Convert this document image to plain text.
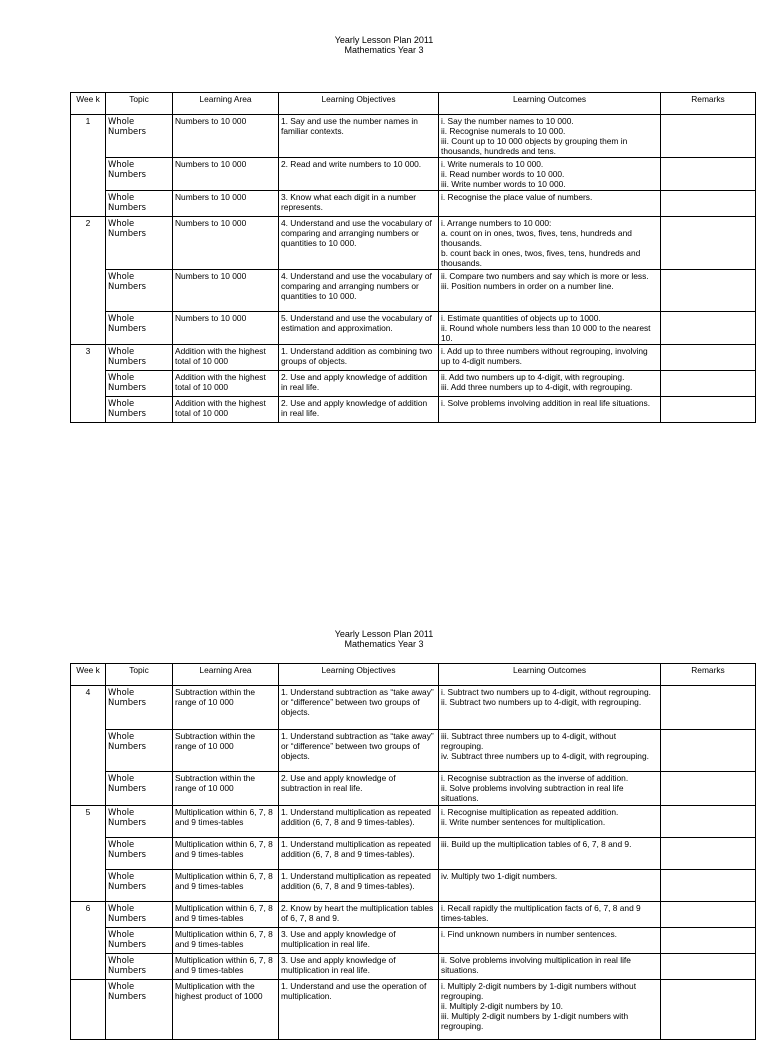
Yearly Lesson Plan 2011
Mathematics Year 3
Wee k	Topic	Learning Area	Learning Objectives	Learning Outcomes	Remarks
1	Whole Numbers	Numbers to 10 000	1. Say and use the number names in familiar contexts.	i. Say the number names to 10 000.
ii. Recognise numerals to 10 000.
iii. Count up to 10 000 objects by grouping them in thousands, hundreds and tens.	

	Whole Numbers	Numbers to 10 000	2. Read and write numbers to 10 000.	i. Write numerals to 10 000.
ii. Read number words to 10 000.
iii. Write number words to 10 000.	

	Whole Numbers	Numbers to 10 000	3. Know what each digit in a number represents.	i. Recognise the place value of numbers.	

2	Whole Numbers	Numbers to 10 000	4. Understand and use the vocabulary of comparing and arranging numbers or quantities to 10 000.	i. Arrange numbers to 10 000:
a. count on in ones, twos, fives, tens, hundreds and thousands.
b. count back in ones, twos, fives, tens, hundreds and thousands.	

	Whole Numbers	Numbers to 10 000	4. Understand and use the vocabulary of comparing and arranging numbers or quantities to 10 000.	ii. Compare two numbers and say which is more or less.
iii. Position numbers in order on a number line.	

	Whole Numbers	Numbers to 10 000	5. Understand and use the vocabulary of estimation and approximation.	i. Estimate quantities of objects up to 1000.
ii. Round whole numbers less than 10 000 to the nearest 10.	

3	Whole Numbers	Addition with the highest total of 10 000	1. Understand addition as combining two groups of objects.	i. Add up to three numbers without regrouping, involving up to 4-digit numbers.	

	Whole Numbers	Addition with the highest total of 10 000	2. Use and apply knowledge of addition in real life.	ii. Add two numbers up to 4-digit, with regrouping.
iii. Add three numbers up to 4-digit, with regrouping.	

	Whole Numbers	Addition with the highest total of 10 000	2. Use and apply knowledge of addition in real life.	i. Solve problems involving addition in real life situations.	

Yearly Lesson Plan 2011
Mathematics Year 3
Wee k	Topic	Learning Area	Learning Objectives	Learning Outcomes	Remarks
4	Whole Numbers	Subtraction within the range of 10 000	1. Understand subtraction as “take away” or “difference” between two groups of objects.	i. Subtract two numbers up to 4-digit, without regrouping.
ii. Subtract two numbers up to 4-digit, with regrouping.	

	Whole Numbers	Subtraction within the range of 10 000	1. Understand subtraction as “take away” or “difference” between two groups of objects.	iii. Subtract three numbers up to 4-digit, without regrouping.
iv. Subtract three numbers up to 4-digit, with regrouping.	

	Whole Numbers	Subtraction within the range of 10 000	2. Use and apply knowledge of subtraction in real life.	i. Recognise subtraction as the inverse of addition.
ii. Solve problems involving subtraction in real life situations.	

5	Whole Numbers	Multiplication within 6, 7, 8 and 9 times-tables	1. Understand multiplication as repeated addition (6, 7, 8 and 9 times-tables).	i. Recognise multiplication as repeated addition.
ii. Write number sentences for multiplication.	

	Whole Numbers	Multiplication within 6, 7, 8 and 9 times-tables	1. Understand multiplication as repeated addition (6, 7, 8 and 9 times-tables).	iii. Build up the multiplication tables of 6, 7, 8 and 9.	

	Whole Numbers	Multiplication within 6, 7, 8 and 9 times-tables	1. Understand multiplication as repeated addition (6, 7, 8 and 9 times-tables).	iv. Multiply two 1-digit numbers.	

6	Whole Numbers	Multiplication within 6, 7, 8 and 9 times-tables	2. Know by heart the multiplication tables of 6, 7, 8 and 9.	i. Recall rapidly the multiplication facts of 6, 7, 8 and 9 times-tables.	

	Whole Numbers	Multiplication within 6, 7, 8 and 9 times-tables	3. Use and apply knowledge of multiplication in real life.	i. Find unknown numbers in number sentences.	

	Whole Numbers	Multiplication within 6, 7, 8 and 9 times-tables	3. Use and apply knowledge of multiplication in real life.	ii. Solve problems involving multiplication in real life situations.	

	Whole Numbers	Multiplication with the highest product of 1000	1. Understand and use the operation of multiplication.	i. Multiply 2-digit numbers by 1-digit numbers without regrouping.
ii. Multiply 2-digit numbers by 10.
iii. Multiply 2-digit numbers by 1-digit numbers with regrouping.	
